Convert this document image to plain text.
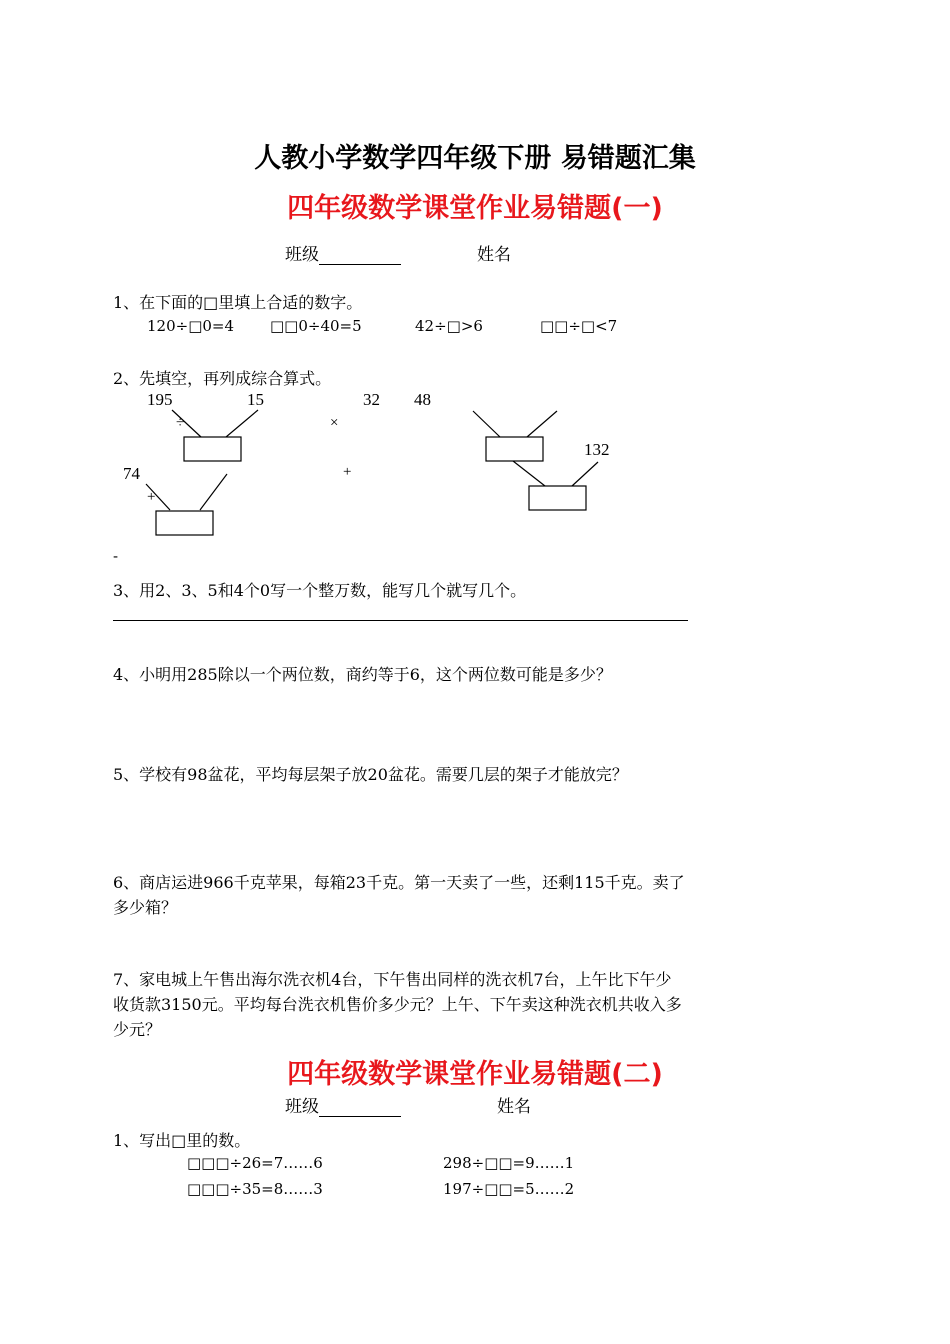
人教小学数学四年级下册 易错题汇集
四年级数学课堂作业易错题(一)
班级	姓名
1、在下面的□里填上合适的数字。
120÷□0=4 □□0÷40=5	42÷□>6	□□÷□<7
2、先填空，再列成综合算式。
195	15
÷
74
+
×
+
32 48
132
-
3、用2、3、5和4个0写一个整万数，能写几个就写几个。
4、小明用285除以一个两位数，商约等于6，这个两位数可能是多少？
5、学校有98盆花，平均每层架子放20盆花。需要几层的架子才能放完？
6、商店运进966千克苹果，每箱23千克。第一天卖了一些，还剩115千克。卖了
多少箱？
7、家电城上午售出海尔洗衣机4台，下午售出同样的洗衣机7台，上午比下午少
收货款3150元。平均每台洗衣机售价多少元？上午、下午卖这种洗衣机共收入多
少元？
四年级数学课堂作业易错题(二)
班级	姓名
1、写出□里的数。
□□□÷26=7……6	298÷□□=9……1
□□□÷35=8……3	197÷□□=5……2
